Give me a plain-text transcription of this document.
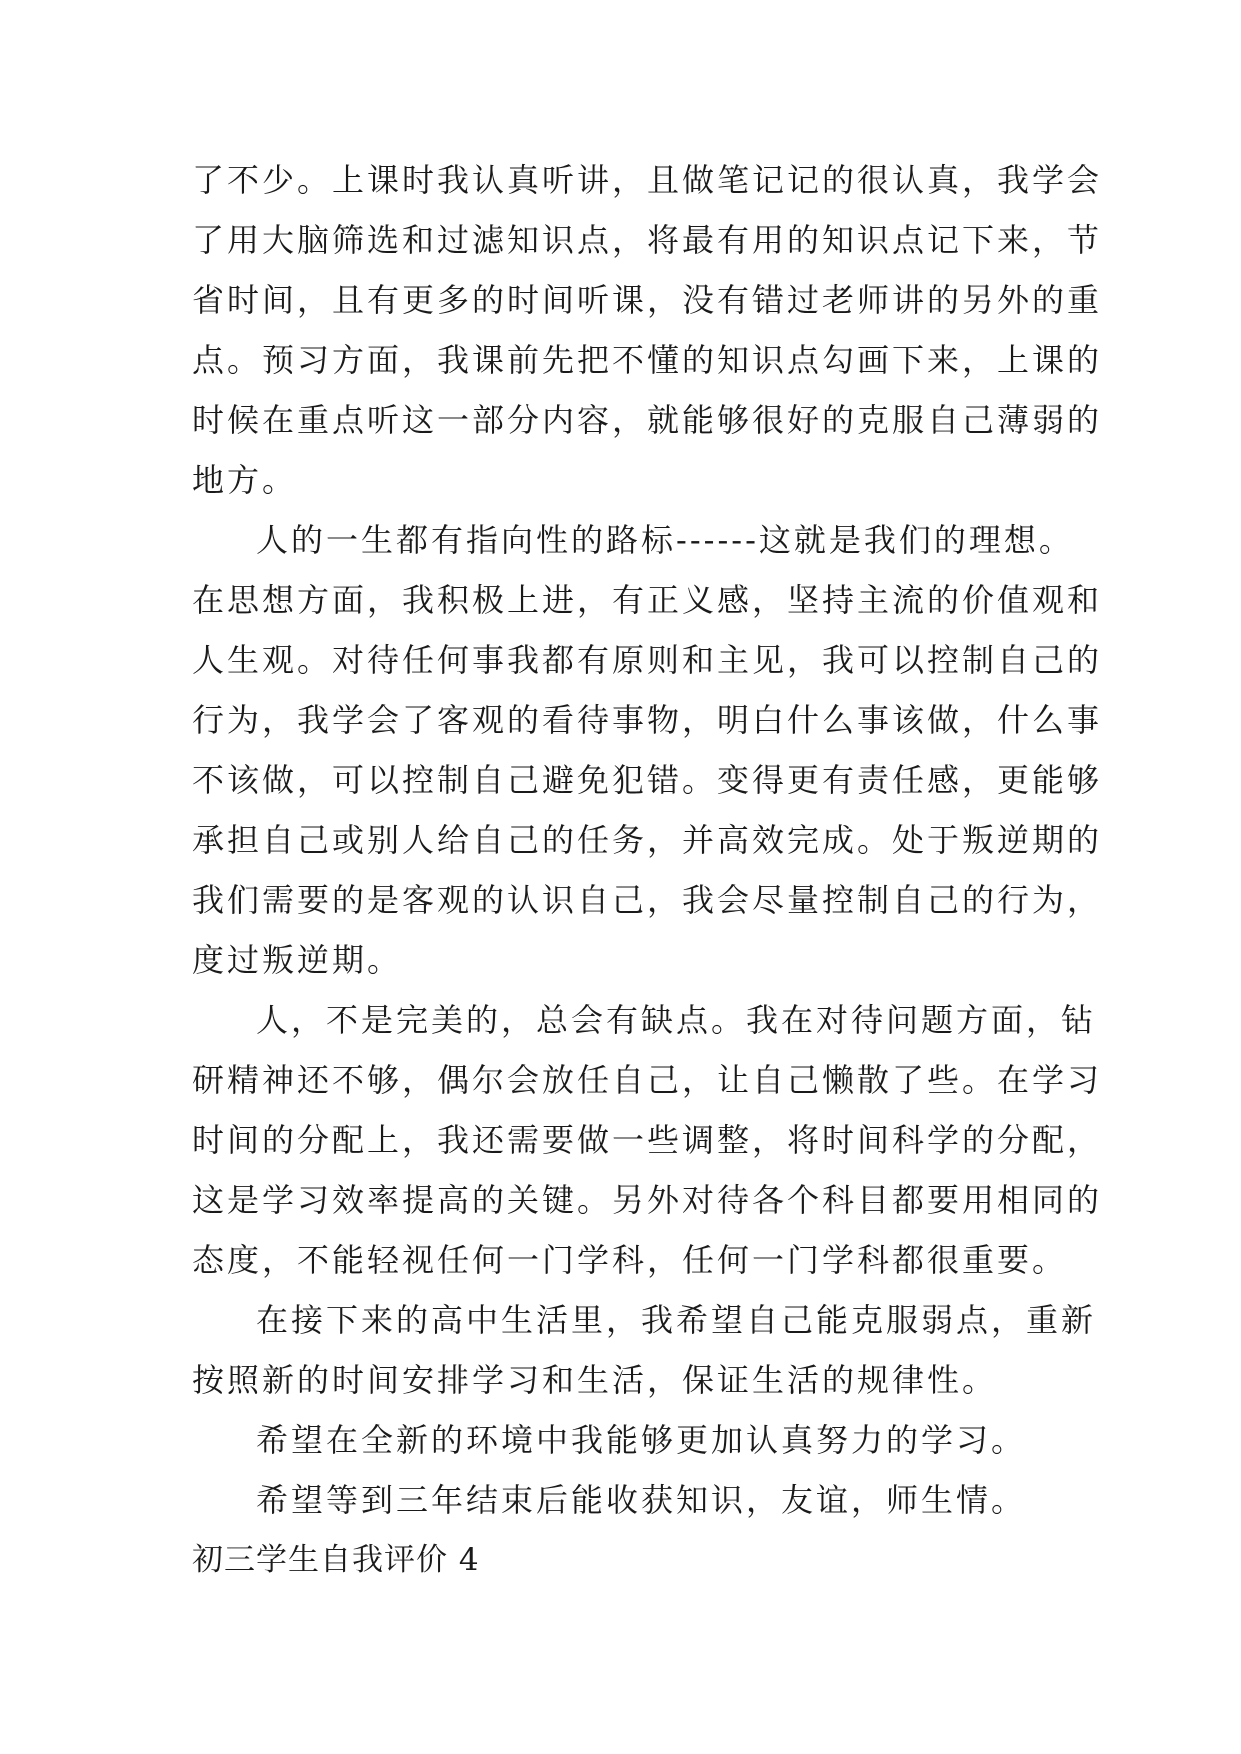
了不少。上课时我认真听讲，且做笔记记的很认真，我学会
了用大脑筛选和过滤知识点，将最有用的知识点记下来，节
省时间，且有更多的时间听课，没有错过老师讲的另外的重
点。预习方面，我课前先把不懂的知识点勾画下来，上课的
时候在重点听这一部分内容，就能够很好的克服自己薄弱的
地方。
人的一生都有指向性的路标------这就是我们的理想。
在思想方面，我积极上进，有正义感，坚持主流的价值观和
人生观。对待任何事我都有原则和主见，我可以控制自己的
行为，我学会了客观的看待事物，明白什么事该做，什么事
不该做，可以控制自己避免犯错。变得更有责任感，更能够
承担自己或别人给自己的任务，并高效完成。处于叛逆期的
我们需要的是客观的认识自己，我会尽量控制自己的行为，
度过叛逆期。
人，不是完美的，总会有缺点。我在对待问题方面，钻
研精神还不够，偶尔会放任自己，让自己懒散了些。在学习
时间的分配上，我还需要做一些调整，将时间科学的分配，
这是学习效率提高的关键。另外对待各个科目都要用相同的
态度，不能轻视任何一门学科，任何一门学科都很重要。
在接下来的高中生活里，我希望自己能克服弱点，重新
按照新的时间安排学习和生活，保证生活的规律性。
希望在全新的环境中我能够更加认真努力的学习。
希望等到三年结束后能收获知识，友谊，师生情。
初三学生自我评价 4
